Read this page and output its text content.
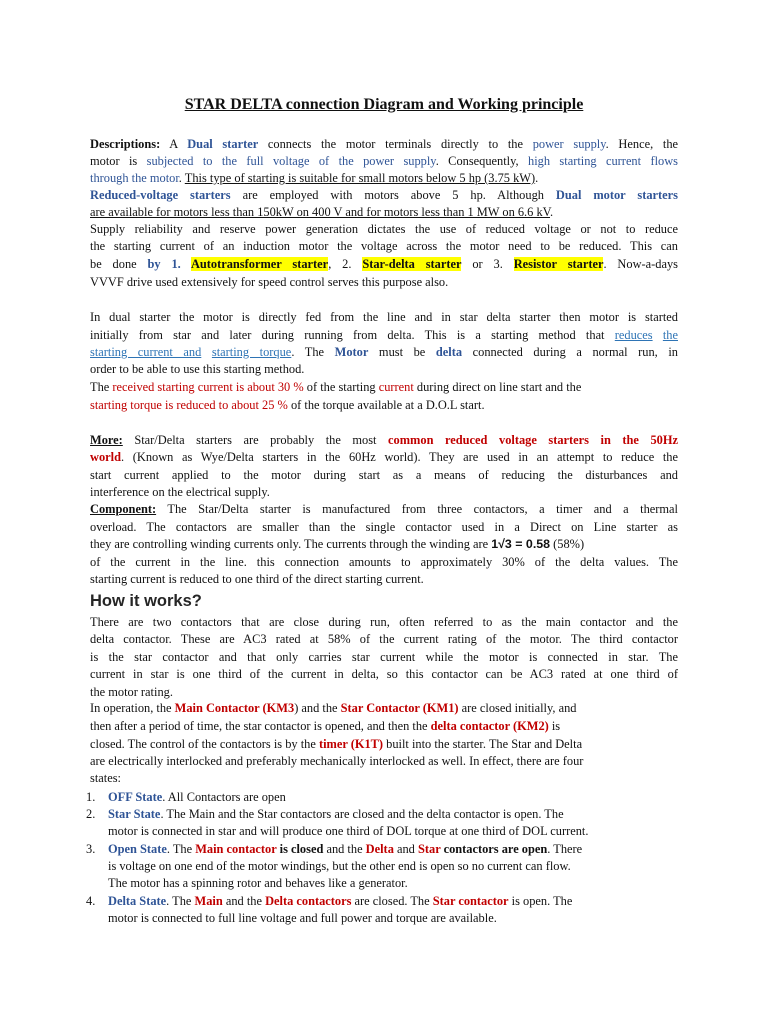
STAR DELTA connection Diagram and Working principle
Descriptions: A Dual starter connects the motor terminals directly to the power supply. Hence, the
motor is subjected to the full voltage of the power supply. Consequently, high starting current flows
through the motor. This type of starting is suitable for small motors below 5 hp (3.75 kW).
Reduced-voltage starters are employed with motors above 5 hp. Although Dual motor starters
are available for motors less than 150kW on 400 V and for motors less than 1 MW on 6.6 kV.
Supply reliability and reserve power generation dictates the use of reduced voltage or not to reduce
the starting current of an induction motor the voltage across the motor need to be reduced. This can
be done by 1. Autotransformer starter, 2. Star-delta starter or 3. Resistor starter. Now-a-days
VVVF drive used extensively for speed control serves this purpose also.
In dual starter the motor is directly fed from the line and in star delta starter then motor is started
initially from star and later during running from delta. This is a starting method that reduces the
starting current and starting torque. The Motor must be delta connected during a normal run, in
order to be able to use this starting method.
The received starting current is about 30 % of the starting current during direct on line start and the
starting torque is reduced to about 25 % of the torque available at a D.O.L start.
More: Star/Delta starters are probably the most common reduced voltage starters in the 50Hz
world. (Known as Wye/Delta starters in the 60Hz world). They are used in an attempt to reduce the
start current applied to the motor during start as a means of reducing the disturbances and
interference on the electrical supply.
Component: The Star/Delta starter is manufactured from three contactors, a timer and a thermal
overload. The contactors are smaller than the single contactor used in a Direct on Line starter as
they are controlling winding currents only. The currents through the winding are 1√3 = 0.58 (58%)
of the current in the line. this connection amounts to approximately 30% of the delta values. The
starting current is reduced to one third of the direct starting current.
How it works?
There are two contactors that are close during run, often referred to as the main contactor and the
delta contactor. These are AC3 rated at 58% of the current rating of the motor. The third contactor
is the star contactor and that only carries star current while the motor is connected in star. The
current in star is one third of the current in delta, so this contactor can be AC3 rated at one third of
the motor rating.
In operation, the Main Contactor (KM3) and the Star Contactor (KM1) are closed initially, and
then after a period of time, the star contactor is opened, and then the delta contactor (KM2) is
closed. The control of the contactors is by the timer (K1T) built into the starter. The Star and Delta
are electrically interlocked and preferably mechanically interlocked as well. In effect, there are four
states:
1. OFF State. All Contactors are open
2. Star State. The Main and the Star contactors are closed and the delta contactor is open. The
motor is connected in star and will produce one third of DOL torque at one third of DOL current.
3. Open State. The Main contactor is closed and the Delta and Star contactors are open. There
is voltage on one end of the motor windings, but the other end is open so no current can flow.
The motor has a spinning rotor and behaves like a generator.
4. Delta State. The Main and the Delta contactors are closed. The Star contactor is open. The
motor is connected to full line voltage and full power and torque are available.
